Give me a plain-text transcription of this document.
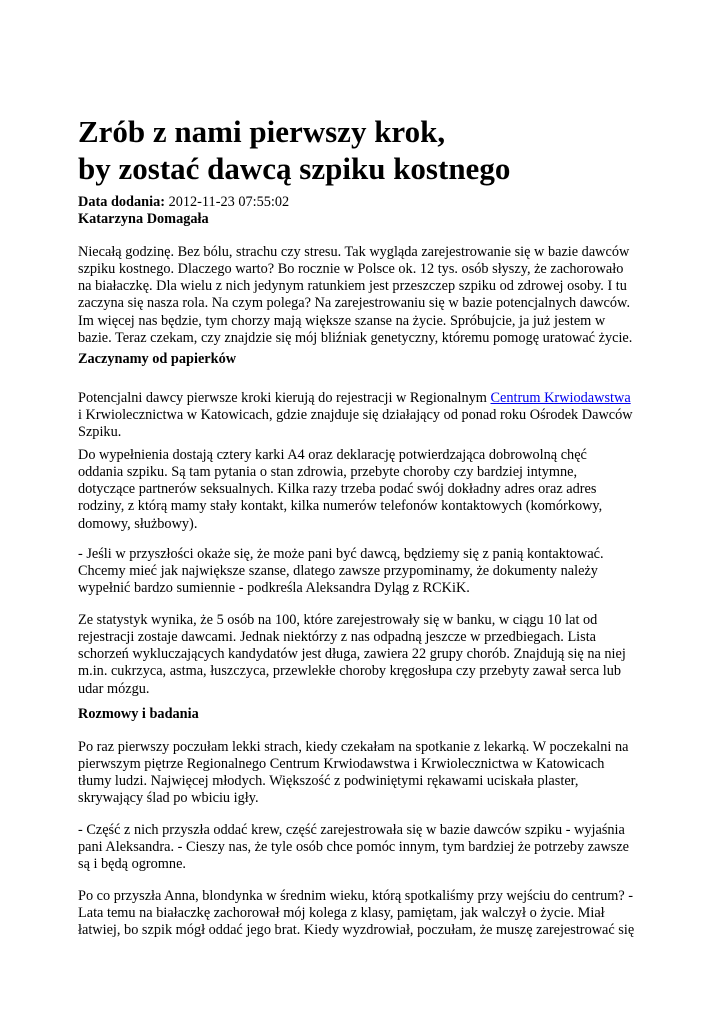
Zrób z nami pierwszy krok,
by zostać dawcą szpiku kostnego
Data dodania: 2012-11-23 07:55:02
Katarzyna Domagała

Niecałą godzinę. Bez bólu, strachu czy stresu. Tak wygląda zarejestrowanie się w bazie dawców
szpiku kostnego. Dlaczego warto? Bo rocznie w Polsce ok. 12 tys. osób słyszy, że zachorowało
na białaczkę. Dla wielu z nich jedynym ratunkiem jest przeszczep szpiku od zdrowej osoby. I tu
zaczyna się nasza rola. Na czym polega? Na zarejestrowaniu się w bazie potencjalnych dawców.
Im więcej nas będzie, tym chorzy mają większe szanse na życie. Spróbujcie, ja już jestem w
bazie. Teraz czekam, czy znajdzie się mój bliźniak genetyczny, któremu pomogę uratować życie.

Zaczynamy od papierków

Potencjalni dawcy pierwsze kroki kierują do rejestracji w Regionalnym Centrum Krwiodawstwa
i Krwiolecznictwa w Katowicach, gdzie znajduje się działający od ponad roku Ośrodek Dawców
Szpiku.

Do wypełnienia dostają cztery karki A4 oraz deklarację potwierdzająca dobrowolną chęć
oddania szpiku. Są tam pytania o stan zdrowia, przebyte choroby czy bardziej intymne,
dotyczące partnerów seksualnych. Kilka razy trzeba podać swój dokładny adres oraz adres
rodziny, z którą mamy stały kontakt, kilka numerów telefonów kontaktowych (komórkowy,
domowy, służbowy).

- Jeśli w przyszłości okaże się, że może pani być dawcą, będziemy się z panią kontaktować.
Chcemy mieć jak największe szanse, dlatego zawsze przypominamy, że dokumenty należy
wypełnić bardzo sumiennie - podkreśla Aleksandra Dyląg z RCKiK.

Ze statystyk wynika, że 5 osób na 100, które zarejestrowały się w banku, w ciągu 10 lat od
rejestracji zostaje dawcami. Jednak niektórzy z nas odpadną jeszcze w przedbiegach. Lista
schorzeń wykluczających kandydatów jest długa, zawiera 22 grupy chorób. Znajdują się na niej
m.in. cukrzyca, astma, łuszczyca, przewlekłe choroby kręgosłupa czy przebyty zawał serca lub
udar mózgu.

Rozmowy i badania

Po raz pierwszy poczułam lekki strach, kiedy czekałam na spotkanie z lekarką. W poczekalni na
pierwszym piętrze Regionalnego Centrum Krwiodawstwa i Krwiolecznictwa w Katowicach
tłumy ludzi. Najwięcej młodych. Większość z podwiniętymi rękawami uciskała plaster,
skrywający ślad po wbiciu igły.

- Część z nich przyszła oddać krew, część zarejestrowała się w bazie dawców szpiku - wyjaśnia
pani Aleksandra. - Cieszy nas, że tyle osób chce pomóc innym, tym bardziej że potrzeby zawsze
są i będą ogromne.

Po co przyszła Anna, blondynka w średnim wieku, którą spotkaliśmy przy wejściu do centrum? -
Lata temu na białaczkę zachorował mój kolega z klasy, pamiętam, jak walczył o życie. Miał
łatwiej, bo szpik mógł oddać jego brat. Kiedy wyzdrowiał, poczułam, że muszę zarejestrować się
